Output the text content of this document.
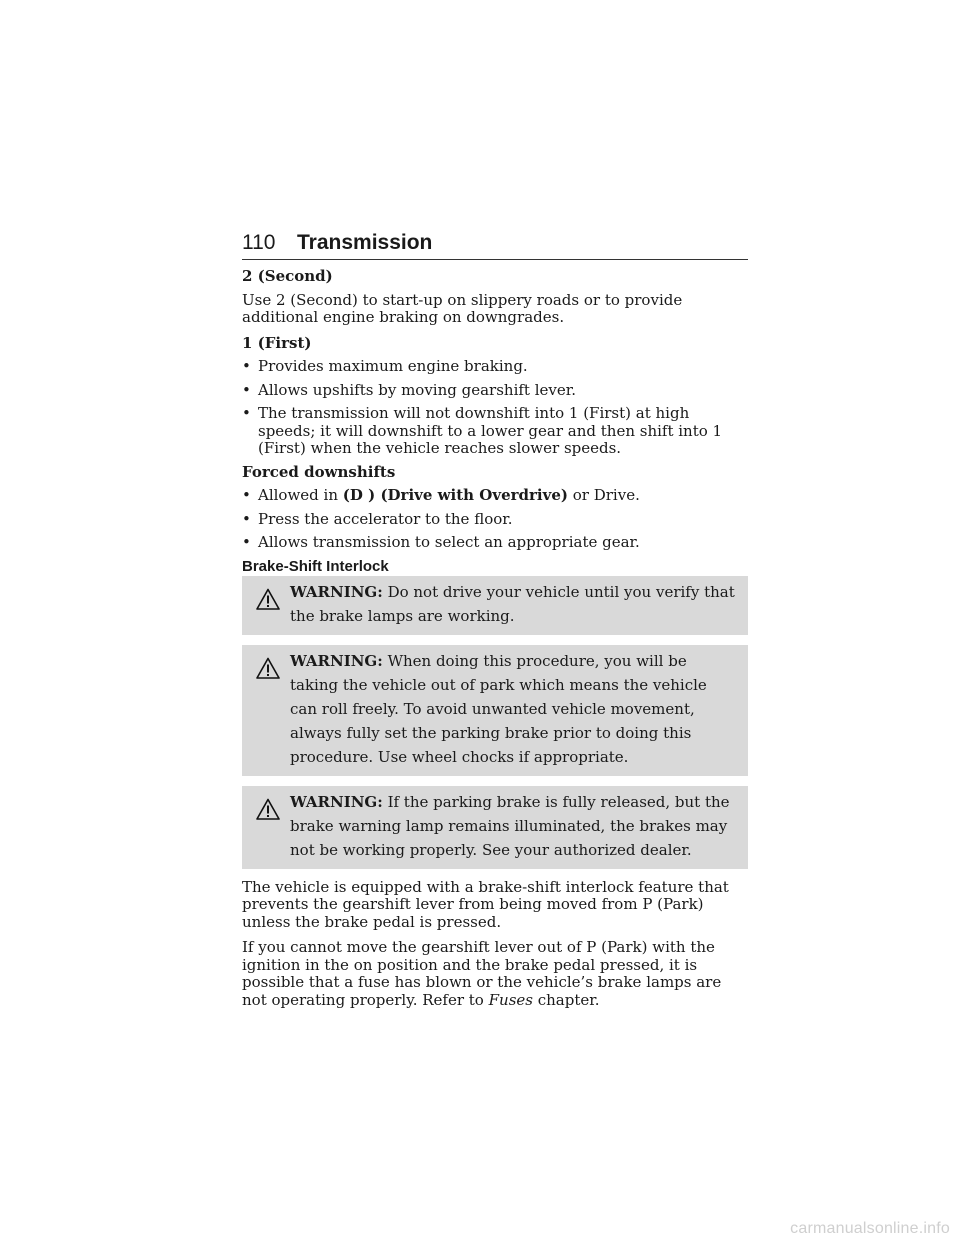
110 Transmission

2 (Second)

Use 2 (Second) to start-up on slippery roads or to provide additional engine braking on downgrades.

1 (First)

• Provides maximum engine braking.
• Allows upshifts by moving gearshift lever.
• The transmission will not downshift into 1 (First) at high speeds; it will downshift to a lower gear and then shift into 1 (First) when the vehicle reaches slower speeds.

Forced downshifts

• Allowed in (D ) (Drive with Overdrive) or Drive.
• Press the accelerator to the floor.
• Allows transmission to select an appropriate gear.

Brake-Shift Interlock

WARNING: Do not drive your vehicle until you verify that the brake lamps are working.
WARNING: When doing this procedure, you will be taking the vehicle out of park which means the vehicle can roll freely. To avoid unwanted vehicle movement, always fully set the parking brake prior to doing this procedure. Use wheel chocks if appropriate.
WARNING: If the parking brake is fully released, but the brake warning lamp remains illuminated, the brakes may not be working properly. See your authorized dealer.

The vehicle is equipped with a brake-shift interlock feature that prevents the gearshift lever from being moved from P (Park) unless the brake pedal is pressed.

If you cannot move the gearshift lever out of P (Park) with the ignition in the on position and the brake pedal pressed, it is possible that a fuse has blown or the vehicle’s brake lamps are not operating properly. Refer to Fuses chapter.

carmanualsonline.info
